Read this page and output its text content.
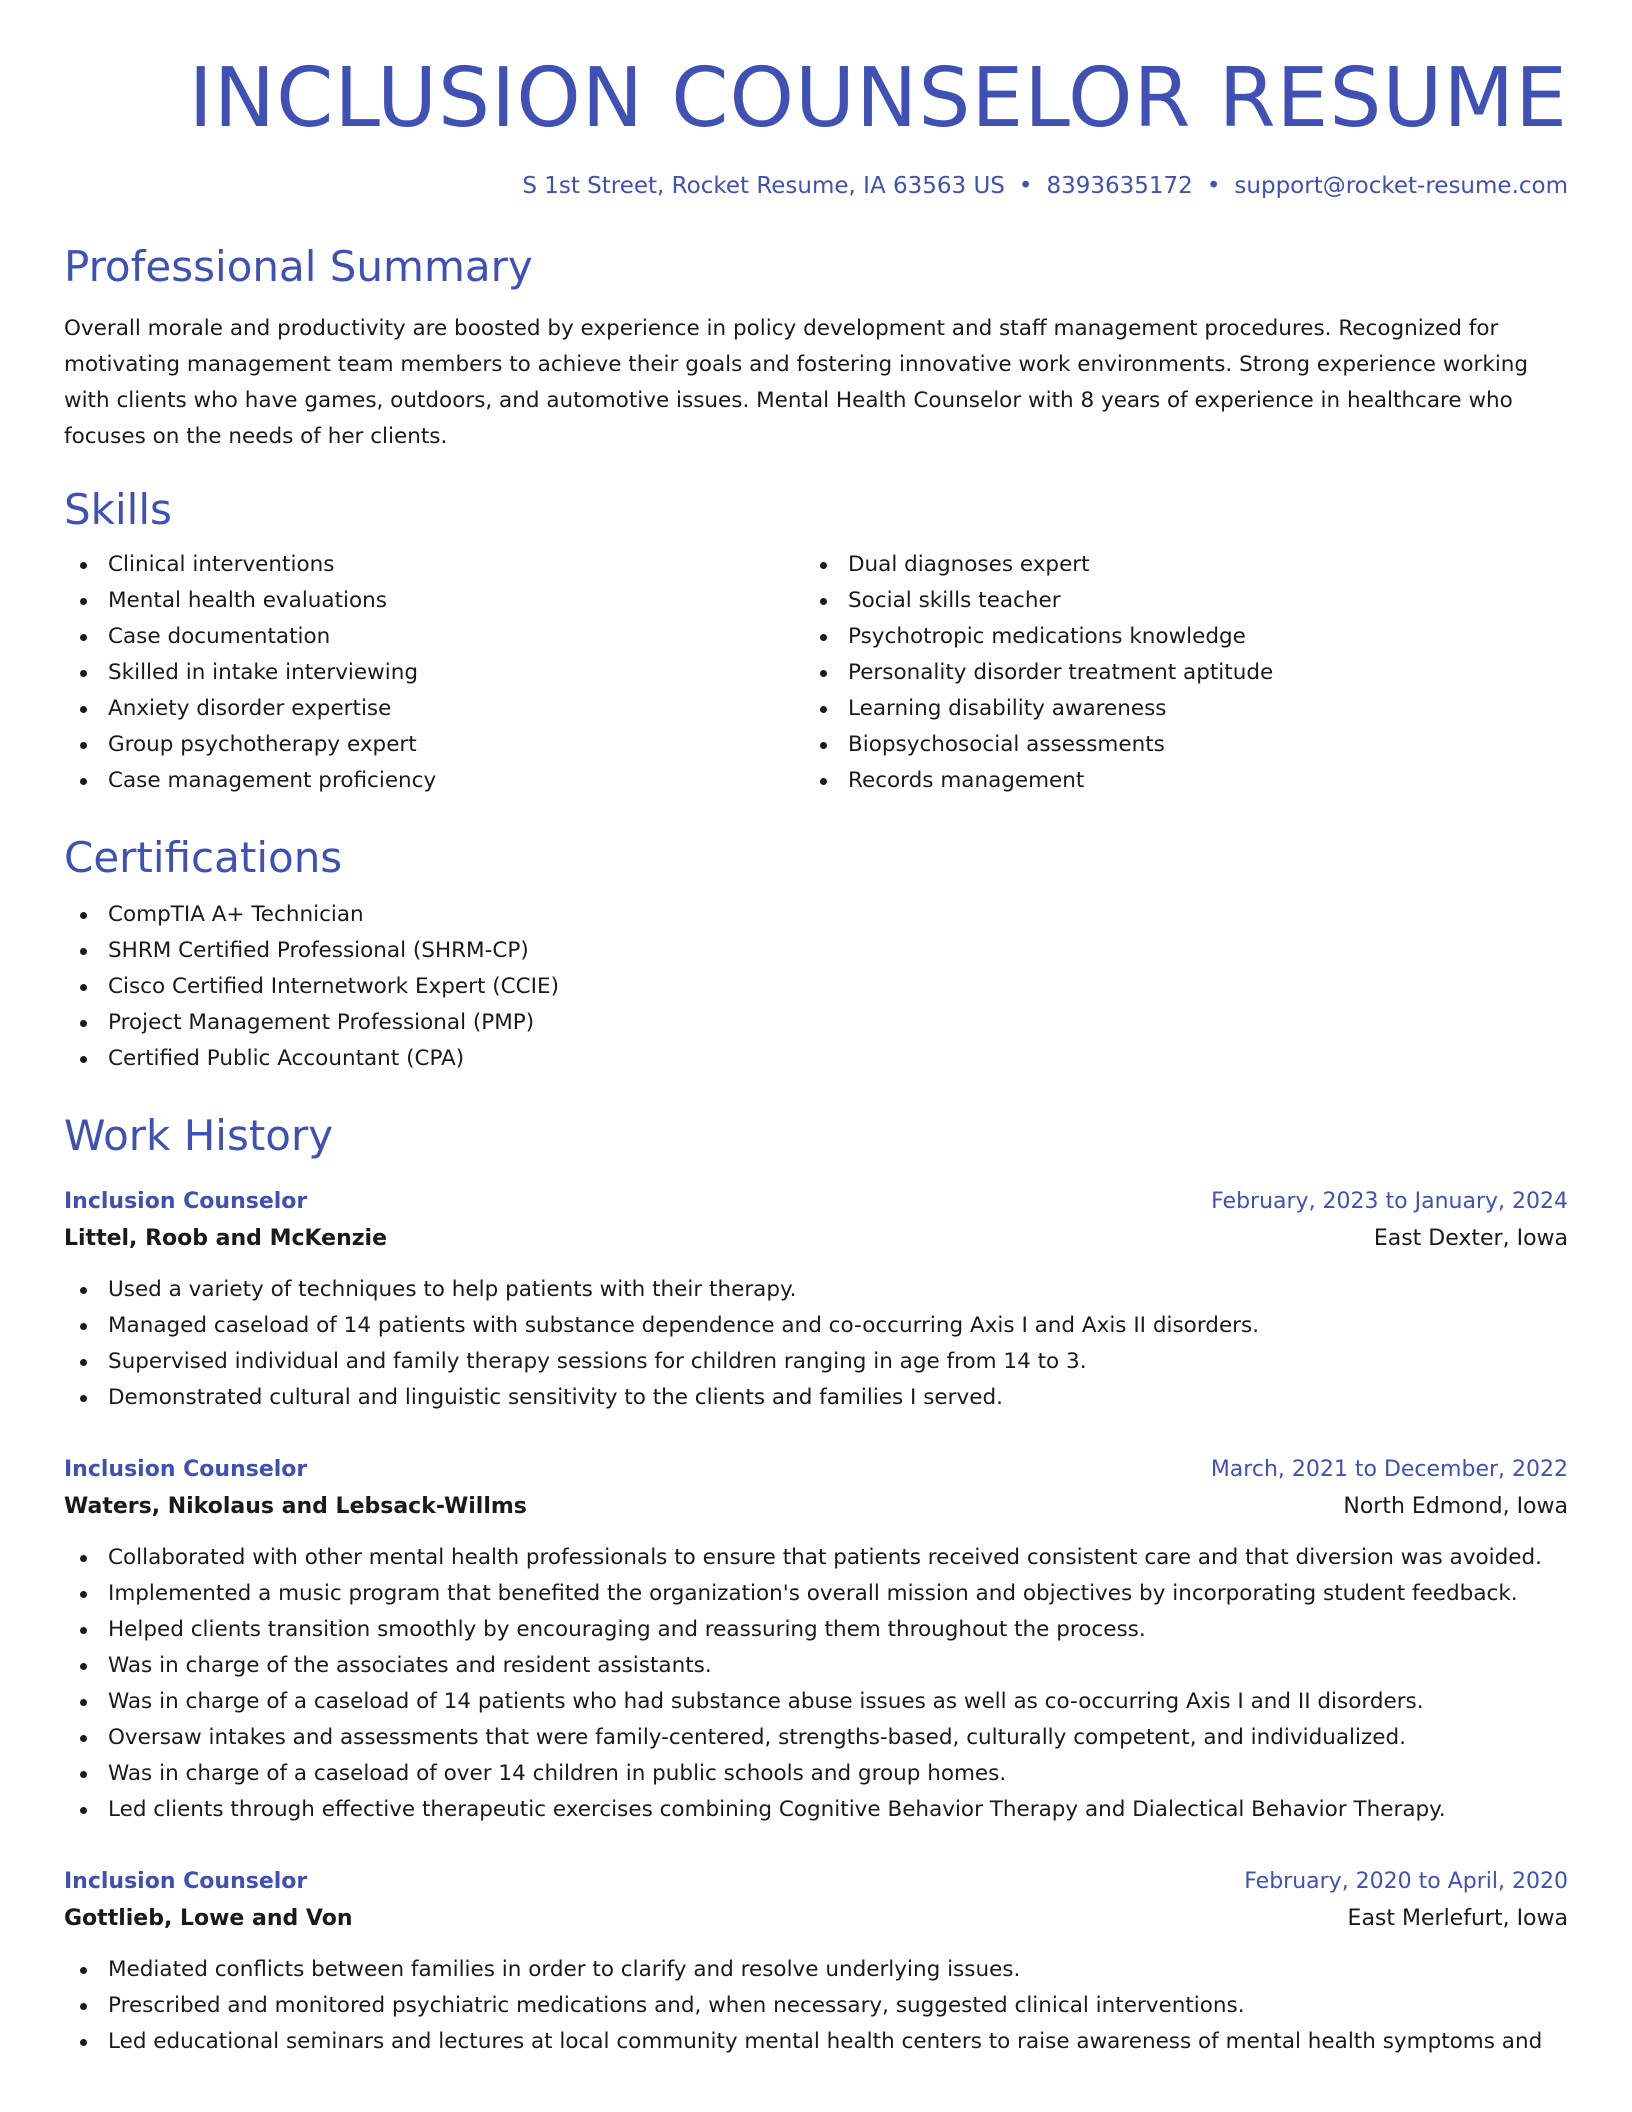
INCLUSION COUNSELOR RESUME
S 1st Street, Rocket Resume, IA 63563 US • 8393635172 • support@rocket-resume.com
Professional Summary

Overall morale and productivity are boosted by experience in policy development and staff management procedures. Recognized for motivating management team members to achieve their goals and fostering innovative work environments. Strong experience working with clients who have games, outdoors, and automotive issues. Mental Health Counselor with 8 years of experience in healthcare who focuses on the needs of her clients.

Skills
Clinical interventions
Mental health evaluations
Case documentation
Skilled in intake interviewing
Anxiety disorder expertise
Group psychotherapy expert
Case management proficiency
Dual diagnoses expert
Social skills teacher
Psychotropic medications knowledge
Personality disorder treatment aptitude
Learning disability awareness
Biopsychosocial assessments
Records management
Certifications
CompTIA A+ Technician
SHRM Certified Professional (SHRM-CP)
Cisco Certified Internetwork Expert (CCIE)
Project Management Professional (PMP)
Certified Public Accountant (CPA)
Work History
Inclusion Counselor	February, 2023 to January, 2024
Littel, Roob and McKenzie	East Dexter, Iowa
Used a variety of techniques to help patients with their therapy.
Managed caseload of 14 patients with substance dependence and co-occurring Axis I and Axis II disorders.
Supervised individual and family therapy sessions for children ranging in age from 14 to 3.
Demonstrated cultural and linguistic sensitivity to the clients and families I served.
Inclusion Counselor	March, 2021 to December, 2022
Waters, Nikolaus and Lebsack-Willms	North Edmond, Iowa
Collaborated with other mental health professionals to ensure that patients received consistent care and that diversion was avoided.
Implemented a music program that benefited the organization's overall mission and objectives by incorporating student feedback.
Helped clients transition smoothly by encouraging and reassuring them throughout the process.
Was in charge of the associates and resident assistants.
Was in charge of a caseload of 14 patients who had substance abuse issues as well as co-occurring Axis I and II disorders.
Oversaw intakes and assessments that were family-centered, strengths-based, culturally competent, and individualized.
Was in charge of a caseload of over 14 children in public schools and group homes.
Led clients through effective therapeutic exercises combining Cognitive Behavior Therapy and Dialectical Behavior Therapy.
Inclusion Counselor	February, 2020 to April, 2020
Gottlieb, Lowe and Von	East Merlefurt, Iowa
Mediated conflicts between families in order to clarify and resolve underlying issues.
Prescribed and monitored psychiatric medications and, when necessary, suggested clinical interventions.
Led educational seminars and lectures at local community mental health centers to raise awareness of mental health symptoms and
